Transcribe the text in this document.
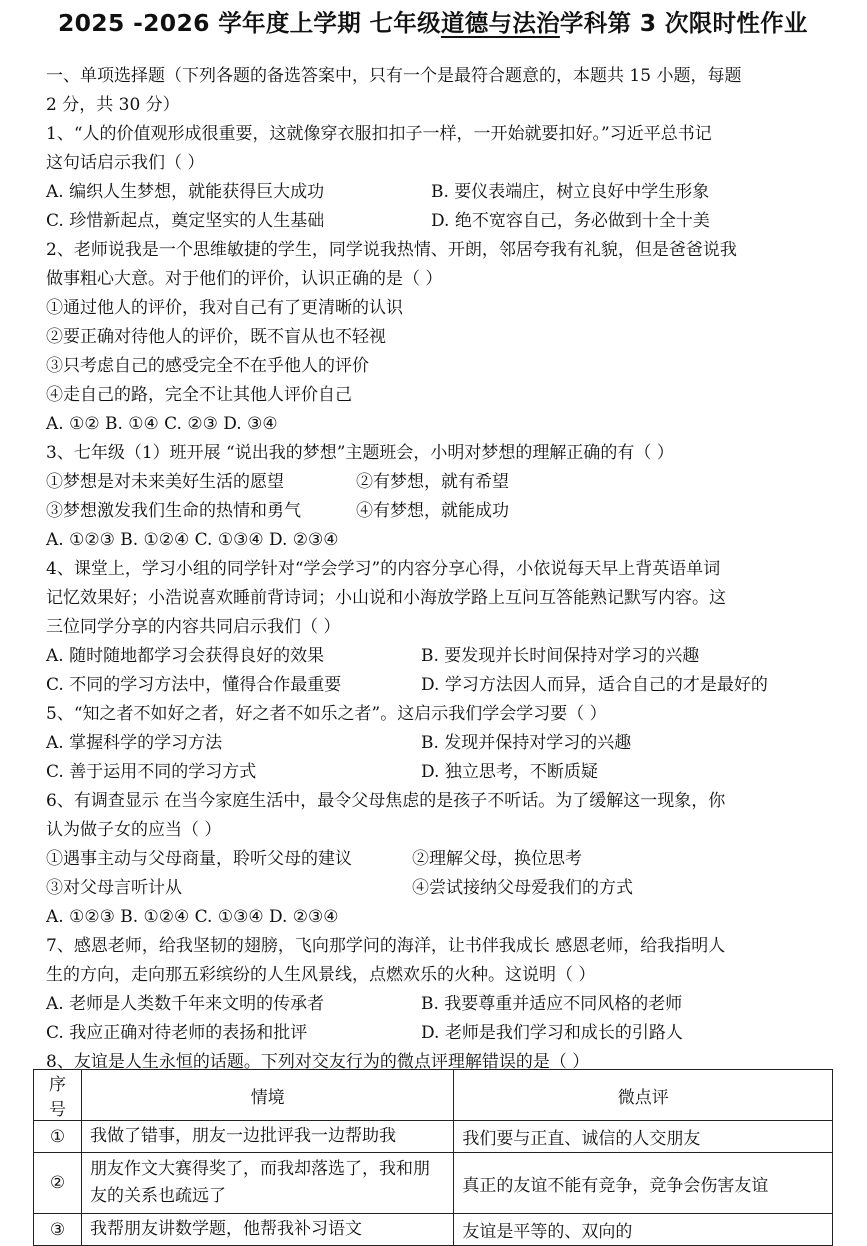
2025 -2026 学年度上学期 七年级道德与法治学科第 3 次限时性作业
一、单项选择题（下列各题的备选答案中，只有一个是最符合题意的，本题共 15 小题，每题
2 分，共 30 分）
1、“人的价值观形成很重要，这就像穿衣服扣扣子一样，一开始就要扣好。”习近平总书记
这句话启示我们（ ）
A. 编织人生梦想，就能获得巨大成功	B. 要仪表端庄，树立良好中学生形象
C. 珍惜新起点，奠定坚实的人生基础	D. 绝不宽容自己，务必做到十全十美
2、老师说我是一个思维敏捷的学生，同学说我热情、开朗，邻居夸我有礼貌，但是爸爸说我
做事粗心大意。对于他们的评价，认识正确的是（ ）
①通过他人的评价，我对自己有了更清晰的认识
②要正确对待他人的评价，既不盲从也不轻视
③只考虑自己的感受完全不在乎他人的评价
④走自己的路，完全不让其他人评价自己
A. ①② B. ①④ C. ②③ D. ③④
3、七年级（1）班开展 “说出我的梦想”主题班会，小明对梦想的理解正确的有（ ）
①梦想是对未来美好生活的愿望	②有梦想，就有希望
③梦想激发我们生命的热情和勇气	④有梦想，就能成功
A. ①②③ B. ①②④ C. ①③④ D. ②③④
4、课堂上，学习小组的同学针对“学会学习”的内容分享心得，小依说每天早上背英语单词
记忆效果好；小浩说喜欢睡前背诗词；小山说和小海放学路上互问互答能熟记默写内容。这
三位同学分享的内容共同启示我们（ ）
A. 随时随地都学习会获得良好的效果	B. 要发现并长时间保持对学习的兴趣
C. 不同的学习方法中，懂得合作最重要	D. 学习方法因人而异，适合自己的才是最好的
5、“知之者不如好之者，好之者不如乐之者”。这启示我们学会学习要（ ）
A. 掌握科学的学习方法	B. 发现并保持对学习的兴趣
C. 善于运用不同的学习方式	D. 独立思考，不断质疑
6、有调查显示 在当今家庭生活中，最令父母焦虑的是孩子不听话。为了缓解这一现象，你
认为做子女的应当（ ）
①遇事主动与父母商量，聆听父母的建议	②理解父母，换位思考
③对父母言听计从	④尝试接纳父母爱我们的方式
A. ①②③ B. ①②④ C. ①③④ D. ②③④
7、感恩老师，给我坚韧的翅膀，飞向那学问的海洋，让书伴我成长 感恩老师，给我指明人
生的方向，走向那五彩缤纷的人生风景线，点燃欢乐的火种。这说明（ ）
A. 老师是人类数千年来文明的传承者	B. 我要尊重并适应不同风格的老师
C. 我应正确对待老师的表扬和批评	D. 老师是我们学习和成长的引路人
8、友谊是人生永恒的话题。下列对交友行为的微点评理解错误的是（ ）
序号	情境	微点评
①	我做了错事，朋友一边批评我一边帮助我	我们要与正直、诚信的人交朋友
②	朋友作文大赛得奖了，而我却落选了，我和朋友的关系也疏远了	真正的友谊不能有竞争，竞争会伤害友谊
③	我帮朋友讲数学题，他帮我补习语文	友谊是平等的、双向的
